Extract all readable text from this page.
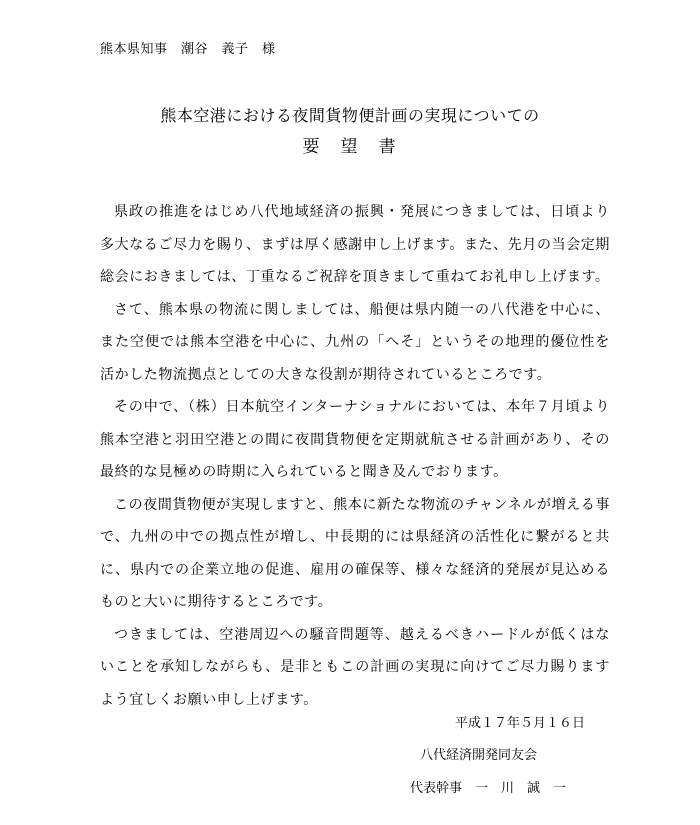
熊本県知事　潮谷　義子　様
熊本空港における夜間貨物便計画の実現についての
要　望　書

県政の推進をはじめ八代地域経済の振興・発展につきましては、日頃より多大なるご尽力を賜り、まずは厚く感謝申し上げます。また、先月の当会定期総会におきましては、丁重なるご祝辞を頂きまして重ねてお礼申し上げます。

さて、熊本県の物流に関しましては、船便は県内随一の八代港を中心に、また空便では熊本空港を中心に、九州の「へそ」というその地理的優位性を活かした物流拠点としての大きな役割が期待されているところです。

その中で、（株）日本航空インターナショナルにおいては、本年７月頃より熊本空港と羽田空港との間に夜間貨物便を定期就航させる計画があり、その最終的な見極めの時期に入られていると聞き及んでおります。

この夜間貨物便が実現しますと、熊本に新たな物流のチャンネルが増える事で、九州の中での拠点性が増し、中長期的には県経済の活性化に繋がると共に、県内での企業立地の促進、雇用の確保等、様々な経済的発展が見込めるものと大いに期待するところです。

つきましては、空港周辺への騒音問題等、越えるべきハードルが低くはないことを承知しながらも、是非ともこの計画の実現に向けてご尽力賜りますよう宜しくお願い申し上げます。

平成１７年５月１６日
八代経済開発同友会
代表幹事　一　川　誠　一
